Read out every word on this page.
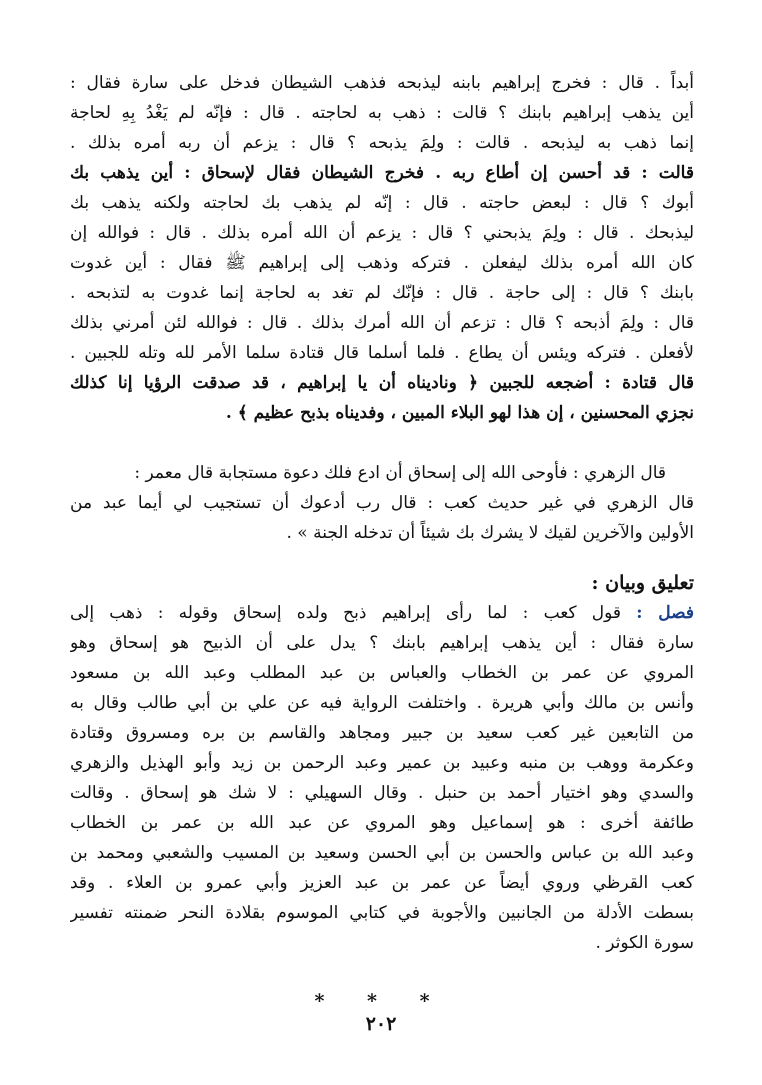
أبداً . قال : فخرج إبراهيم بابنه ليذبحه فذهب الشيطان فدخل على سارة فقال :
أين يذهب إبراهيم بابنك ؟ قالت : ذهب به لحاجته . قال : فإنّه لم يَغْدُ بِهِ لحاجة
إنما ذهب به ليذبحه . قالت : ولِمَ يذبحه ؟ قال : يزعم أن ربه أمره بذلك .
قالت : قد أحسن إن أطاع ربه . فخرج الشيطان فقال لإسحاق : أين يذهب بك
أبوك ؟ قال : لبعض حاجته . قال : إنّه لم يذهب بك لحاجته ولكنه يذهب بك
ليذبحك . قال : ولِمَ يذبحني ؟ قال : يزعم أن الله أمره بذلك . قال : فوالله إن
كان الله أمره بذلك ليفعلن . فتركه وذهب إلى إبراهيم ﷺ فقال : أين غدوت
بابنك ؟ قال : إلى حاجة . قال : فإنّك لم تغد به لحاجة إنما غدوت به لتذبحه .
قال : ولِمَ أذبحه ؟ قال : تزعم أن الله أمرك بذلك . قال : فوالله لئن أمرني بذلك
لأفعلن . فتركه ويئس أن يطاع . فلما أسلما قال قتادة سلما الأمر لله وتله للجبين .
قال قتادة : أضجعه للجبين ﴿ وناديناه أن يا إبراهيم ، قد صدقت الرؤيا إنا كذلك
نجزي المحسنين ، إن هذا لهو البلاء المبين ، وفديناه بذبح عظيم ﴾ .
قال الزهري : فأوحى الله إلى إسحاق أن ادع فلك دعوة مستجابة قال معمر :
قال الزهري في غير حديث كعب : قال رب أدعوك أن تستجيب لي أيما عبد من
الأولين والآخرين لقيك لا يشرك بك شيئاً أن تدخله الجنة » .
تعليق وبيان :
فصل : قول كعب : لما رأى إبراهيم ذبح ولده إسحاق وقوله : ذهب إلى
سارة فقال : أين يذهب إبراهيم بابنك ؟ يدل على أن الذبيح هو إسحاق وهو
المروي عن عمر بن الخطاب والعباس بن عبد المطلب وعبد الله بن مسعود
وأنس بن مالك وأبي هريرة . واختلفت الرواية فيه عن علي بن أبي طالب وقال به
من التابعين غير كعب سعيد بن جبير ومجاهد والقاسم بن بره ومسروق وقتادة
وعكرمة ووهب بن منبه وعبيد بن عمير وعبد الرحمن بن زيد وأبو الهذيل والزهري
والسدي وهو اختيار أحمد بن حنبل . وقال السهيلي : لا شك هو إسحاق . وقالت
طائفة أخرى : هو إسماعيل وهو المروي عن عبد الله بن عمر بن الخطاب
وعبد الله بن عباس والحسن بن أبي الحسن وسعيد بن المسيب والشعبي ومحمد بن
كعب القرظي وروي أيضاً عن عمر بن عبد العزيز وأبي عمرو بن العلاء . وقد
بسطت الأدلة من الجانبين والأجوبة في كتابي الموسوم بقلادة النحر ضمنته تفسير
سورة الكوثر .
* * *
٢٠٢
